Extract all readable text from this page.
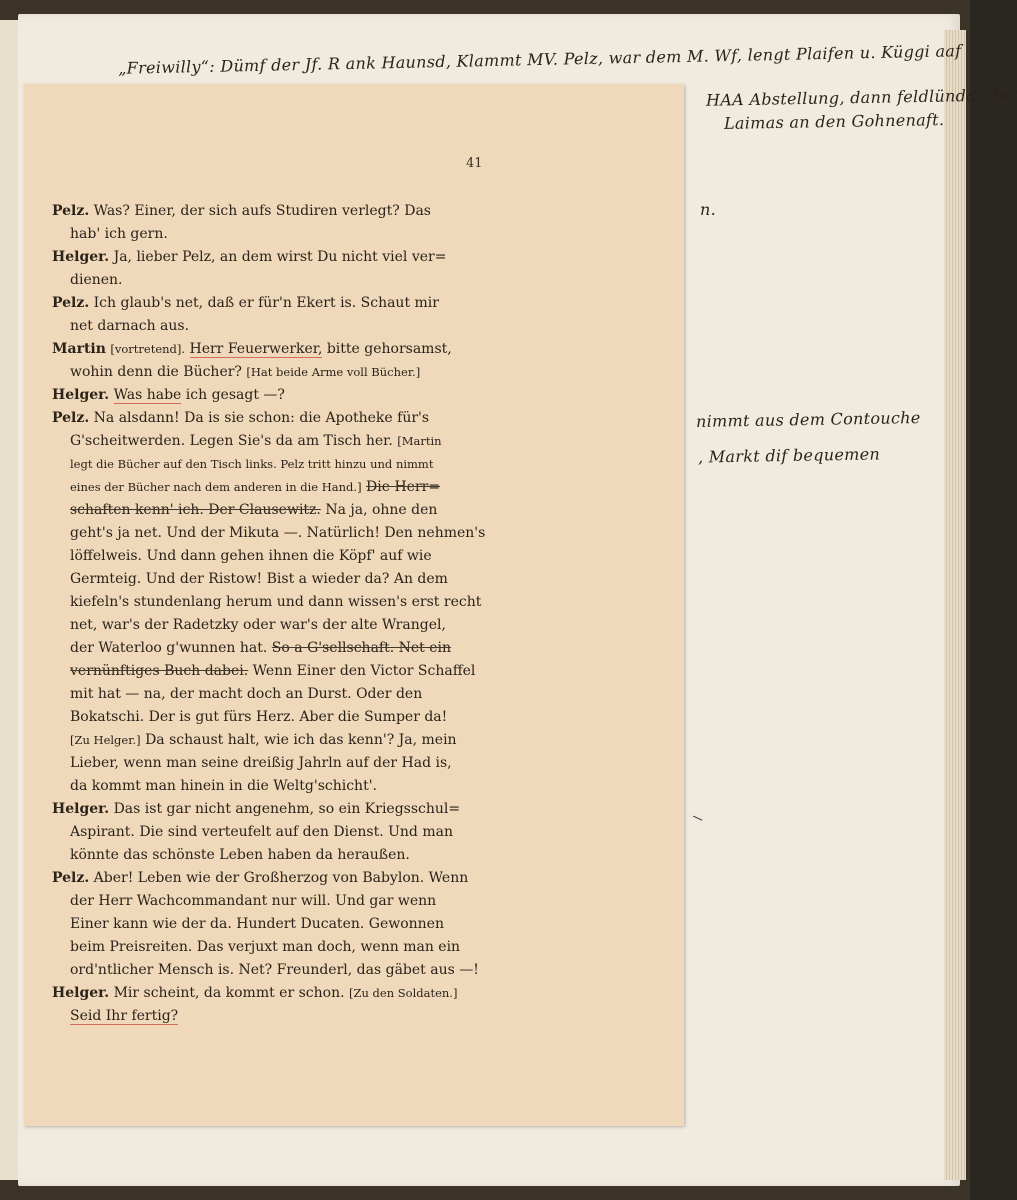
„Freiwilly“: Dümf der Jf. R ank Haunsd, Klammt MV. Pelz, war dem M. Wf, lengt Plaifen u. Küggi aaf
HAA Abstellung, dann feldlündat der
Laimas an den Gohnenaft.
n.
nimmt aus dem Contouche
, Markt dif bequemen
41
Pelz. Was? Einer, der sich aufs Studiren verlegt? Das
hab' ich gern.
Helger. Ja, lieber Pelz, an dem wirst Du nicht viel ver=
dienen.
Pelz. Ich glaub's net, daß er für'n Ekert is. Schaut mir
net darnach aus.
Martin [vortretend]. Herr Feuerwerker, bitte gehorsamst,
wohin denn die Bücher? [Hat beide Arme voll Bücher.]
Helger. Was habe ich gesagt —?
Pelz. Na alsdann! Da is sie schon: die Apotheke für's
G'scheitwerden. Legen Sie's da am Tisch her. [Martin
legt die Bücher auf den Tisch links. Pelz tritt hinzu und nimmt
eines der Bücher nach dem anderen in die Hand.] Die Herr=
schaften kenn' ich. Der Clausewitz. Na ja, ohne den
geht's ja net. Und der Mikuta —. Natürlich! Den nehmen's
löffelweis. Und dann gehen ihnen die Köpf' auf wie
Germteig. Und der Ristow! Bist a wieder da? An dem
kiefeln's stundenlang herum und dann wissen's erst recht
net, war's der Radetzky oder war's der alte Wrangel,
der Waterloo g'wunnen hat. So a G'sellschaft. Net ein
vernünftiges Buch dabei. Wenn Einer den Victor Schaffel
mit hat — na, der macht doch an Durst. Oder den
Bokatschi. Der is gut fürs Herz. Aber die Sumper da!
[Zu Helger.] Da schaust halt, wie ich das kenn'? Ja, mein
Lieber, wenn man seine dreißig Jahrln auf der Had is,
da kommt man hinein in die Weltg'schicht'.
Helger. Das ist gar nicht angenehm, so ein Kriegsschul=
Aspirant. Die sind verteufelt auf den Dienst. Und man
könnte das schönste Leben haben da heraußen.
Pelz. Aber! Leben wie der Großherzog von Babylon. Wenn
der Herr Wachcommandant nur will. Und gar wenn
Einer kann wie der da. Hundert Ducaten. Gewonnen
beim Preisreiten. Das verjuxt man doch, wenn man ein
ord'ntlicher Mensch is. Net? Freunderl, das gäbet aus —!
Helger. Mir scheint, da kommt er schon. [Zu den Soldaten.]
Seid Ihr fertig?
